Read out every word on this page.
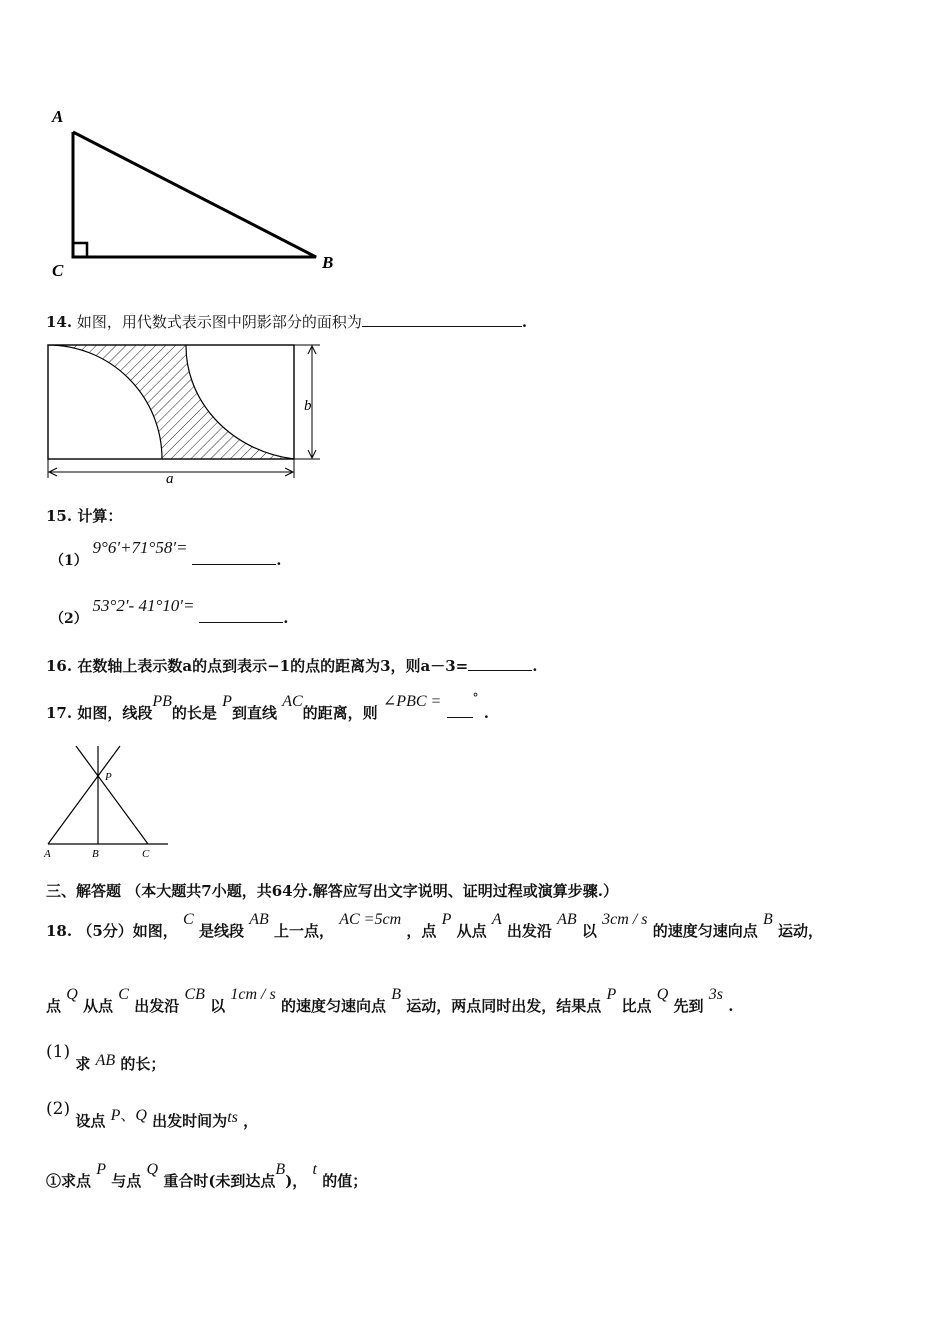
A
C	B
14. 如图，用代数式表示图中阴影部分的面积为	.
b
a
15. 计算：
（1） 9°6′+71°58′= .
（2） 53°2′- 41°10′= .
16. 在数轴上表示数a的点到表示−1的点的距离为3，则a－3=	.
17. 如图，线段PB的长是 P到直线 AC的距离，则 ∠PBC =	° .
P
A	B	C
三、解答题 （本大题共7小题，共64分.解答应写出文字说明、证明过程或演算步骤.）
18. （5分）如图， C 是线段 AB 上一点， AC =5cm ，点 P 从点 A 出发沿 AB 以 3cm / s 的速度匀速向点 B 运动，
点 Q 从点 C 出发沿 CB 以 1cm / s 的速度匀速向点 B 运动，两点同时出发，结果点 P 比点 Q 先到 3s .
(1) 求 AB 的长；
(2) 设点 P、Q 出发时间为ts ，
①求点 P 与点 Q 重合时(未到达点B)， t 的值；
